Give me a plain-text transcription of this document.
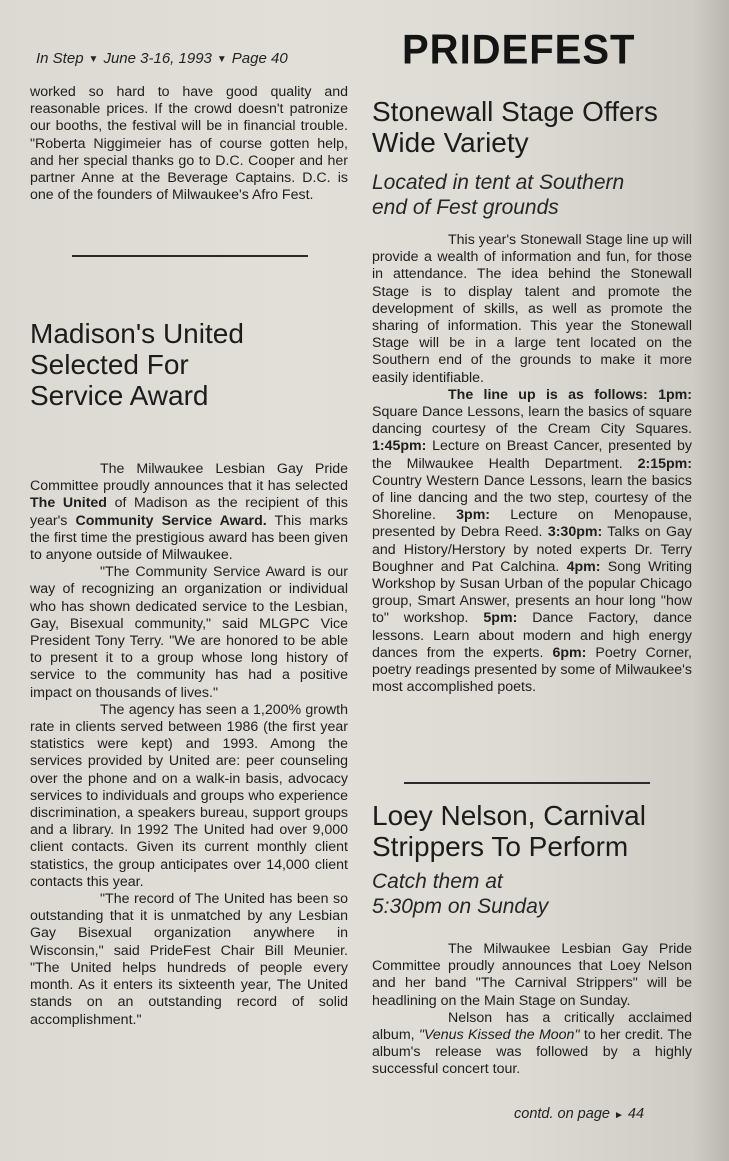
In Step ▼ June 3-16, 1993 ▼ Page 40	PRIDEFEST

worked so hard to have good quality and reasonable prices. If the crowd doesn't patronize our booths, the festival will be in financial trouble. "Roberta Niggimeier has of course gotten help, and her special thanks go to D.C. Cooper and her partner Anne at the Beverage Captains. D.C. is one of the founders of Milwaukee's Afro Fest.

Madison's United
Selected For
Service Award

The Milwaukee Lesbian Gay Pride Committee proudly announces that it has selected The United of Madison as the recipient of this year's Community Service Award. This marks the first time the prestigious award has been given to anyone outside of Milwaukee.

"The Community Service Award is our way of recognizing an organization or individual who has shown dedicated service to the Lesbian, Gay, Bisexual community," said MLGPC Vice President Tony Terry. "We are honored to be able to present it to a group whose long history of service to the community has had a positive impact on thousands of lives."

The agency has seen a 1,200% growth rate in clients served between 1986 (the first year statistics were kept) and 1993. Among the services provided by United are: peer counseling over the phone and on a walk-in basis, advocacy services to individuals and groups who experience discrimination, a speakers bureau, support groups and a library. In 1992 The United had over 9,000 client contacts. Given its current monthly client statistics, the group anticipates over 14,000 client contacts this year.

"The record of The United has been so outstanding that it is unmatched by any Lesbian Gay Bisexual organization anywhere in Wisconsin," said PrideFest Chair Bill Meunier. "The United helps hundreds of people every month. As it enters its sixteenth year, The United stands on an outstanding record of solid accomplishment."

Stonewall Stage Offers
Wide Variety

Located in tent at Southern
end of Fest grounds

This year's Stonewall Stage line up will provide a wealth of information and fun, for those in attendance. The idea behind the Stonewall Stage is to display talent and promote the development of skills, as well as promote the sharing of information. This year the Stonewall Stage will be in a large tent located on the Southern end of the grounds to make it more easily identifiable.

The line up is as follows: 1pm: Square Dance Lessons, learn the basics of square dancing courtesy of the Cream City Squares. 1:45pm: Lecture on Breast Cancer, presented by the Milwaukee Health Department. 2:15pm: Country Western Dance Lessons, learn the basics of line dancing and the two step, courtesy of the Shoreline. 3pm: Lecture on Menopause, presented by Debra Reed. 3:30pm: Talks on Gay and History/Herstory by noted experts Dr. Terry Boughner and Pat Calchina. 4pm: Song Writing Workshop by Susan Urban of the popular Chicago group, Smart Answer, presents an hour long "how to" workshop. 5pm: Dance Factory, dance lessons. Learn about modern and high energy dances from the experts. 6pm: Poetry Corner, poetry readings presented by some of Milwaukee's most accomplished poets.

Loey Nelson, Carnival
Strippers To Perform

Catch them at
5:30pm on Sunday

The Milwaukee Lesbian Gay Pride Committee proudly announces that Loey Nelson and her band "The Carnival Strippers" will be headlining on the Main Stage on Sunday.

Nelson has a critically acclaimed album, "Venus Kissed the Moon" to her credit. The album's release was followed by a highly successful concert tour.

contd. on page ► 44
